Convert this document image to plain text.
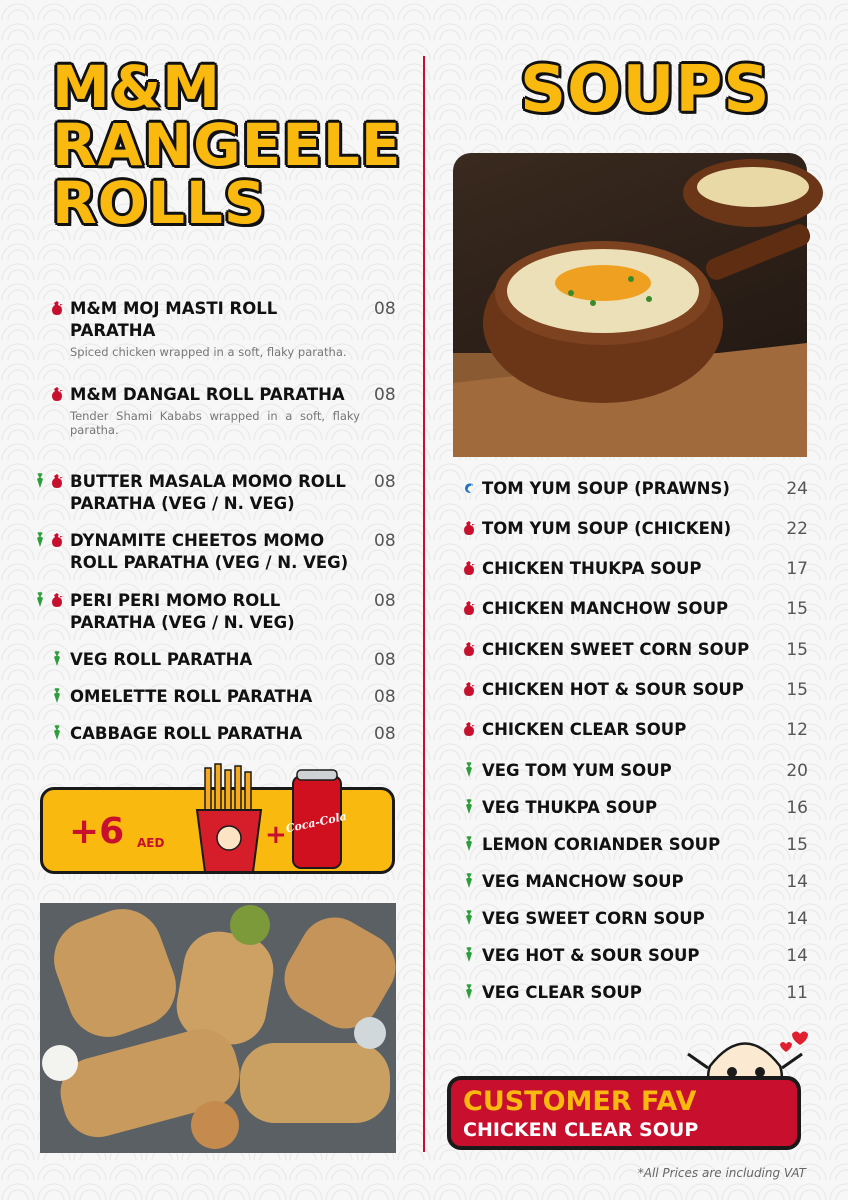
M&M
RANGEELE
ROLLS
SOUPS
M&M MOJ MASTI ROLL PARATHA
Spiced chicken wrapped in a soft, flaky paratha.
08
M&M DANGAL ROLL PARATHA
Tender Shami Kababs wrapped in a soft, flaky paratha.
08
BUTTER MASALA MOMO ROLL PARATHA (VEG / N. VEG)
08
DYNAMITE CHEETOS MOMO ROLL PARATHA (VEG / N. VEG)
08
PERI PERI MOMO ROLL PARATHA (VEG / N. VEG)
08
VEG ROLL PARATHA	08
OMELETTE ROLL PARATHA	08
CABBAGE ROLL PARATHA	08
TOM YUM SOUP (PRAWNS)	24
TOM YUM SOUP (CHICKEN)	22
CHICKEN THUKPA SOUP	17
CHICKEN MANCHOW SOUP	15
CHICKEN SWEET CORN SOUP	15
CHICKEN HOT & SOUR SOUP	15
CHICKEN CLEAR SOUP	12
VEG TOM YUM SOUP	20
VEG THUKPA SOUP	16
LEMON CORIANDER SOUP	15
VEG MANCHOW SOUP	14
VEG SWEET CORN SOUP	14
VEG HOT & SOUR SOUP	14
VEG CLEAR SOUP	11
+6 AED	+
Coca-Cola
CUSTOMER FAV
CHICKEN CLEAR SOUP
*All Prices are including VAT
